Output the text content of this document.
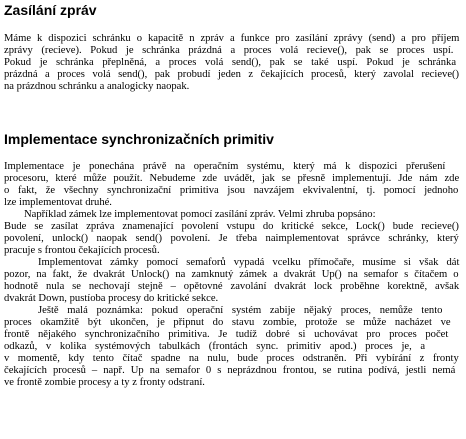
Zasílání zpráv
Implementace synchronizačních primitiv
Máme k dispozici schránku o kapacitě n zpráv a funkce pro zasílání zprávy (send) a pro příjem
zprávy (recieve). Pokud je schránka prázdná a proces volá recieve(), pak se proces uspí.
Pokud je schránka přeplněná, a proces volá send(), pak se také uspí. Pokud je schránka
prázdná a proces volá send(), pak probudí jeden z čekajících procesů, který zavolal recieve()
na prázdnou schránku a analogicky naopak.
Implementace je ponechána právě na operačním systému, který má k dispozici přerušení
procesoru, které může použít. Nebudeme zde uvádět, jak se přesně implementují. Jde nám zde
o fakt, že všechny synchronizační primitiva jsou navzájem ekvivalentní, tj. pomocí jednoho
lze implementovat druhé.
Například zámek lze implementovat pomocí zasílání zpráv. Velmi zhruba popsáno:
Bude se zasílat zpráva znamenající povolení vstupu do kritické sekce, Lock() bude recieve()
povolení, unlock() naopak send() povolení. Je třeba naimplementovat správce schránky, který
pracuje s frontou čekajících procesů.
Implementovat zámky pomocí semaforů vypadá vcelku přímočaře, musíme si však dát
pozor, na fakt, že dvakrát Unlock() na zamknutý zámek a dvakrát Up() na semafor s čítačem o
hodnotě nula se nechovají stejně – opětovné zavolání dvakrát lock proběhne korektně, avšak
dvakrát Down, pustíoba procesy do kritické sekce.
Ještě malá poznámka: pokud operační systém zabije nějaký proces, nemůže tento
proces okamžitě být ukončen, je připnut do stavu zombie, protože se může nacházet ve
frontě nějakého synchronizačního primitiva. Je tudíž dobré si uchovávat pro proces počet
odkazů, v kolika systémových tabulkách (frontách sync. primitiv apod.) proces je, a
v momentě, kdy tento čítač spadne na nulu, bude proces odstraněn. Při vybírání z fronty
čekajících procesů – např. Up na semafor 0 s neprázdnou frontou, se rutina podívá, jestli nemá
ve frontě zombie procesy a ty z fronty odstraní.
